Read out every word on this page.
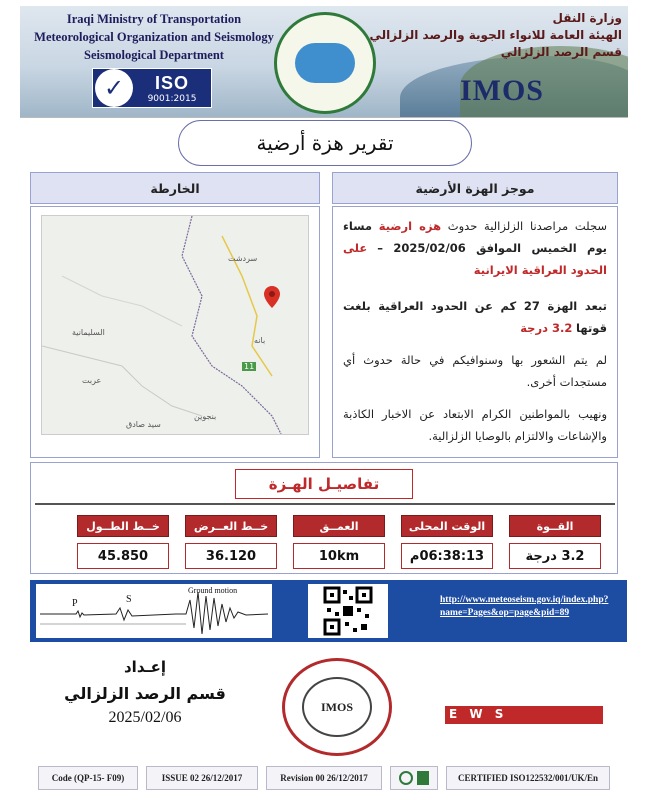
Iraqi Ministry of Transportation
Meteorological Organization and Seismology
Seismological Department
وزارة النقل
الهيئة العامة للانواء الجوية والرصد الزلزالي
قسم الرصد الزلزالي
✓	ISO
9001:2015	IMOS
تقرير هزة أرضية
موجز الهزة الأرضية
الخارطة

سجلت مراصدنا الزلزالية حدوث هزه ارضية مساء يوم الخميس الموافق 2025/02/06 – على الحدود العراقية الايرانية

تبعد الهزة 27 كم عن الحدود العراقية بلغت قوتها 3.2 درجة

لم يتم الشعور بها وسنوافيكم في حالة حدوث أي مستجدات أخرى.

ونهيب بالمواطنين الكرام الابتعاد عن الاخبار الكاذبة والإشاعات والالتزام بالوصايا الزلزالية.

سردشت
بانه
السليمانية
عربت
سيد صادق
بنجوين
11
تفاصيـل الهـزة
خــط الطــول
45.850
خــط العــرض
36.120
العمــق
10km
الوقت المحلى
06:38:13م
القــوة
3.2 درجة
P	S
Ground motion
http://www.meteoseism.gov.iq/index.php?name=Pages&op=page&pid=89
إعـداد
قسم الرصد الزلزالي
2025/02/06
IMOS
E W S
Code (QP-15- F09)	ISSUE 02 26/12/2017	Revision 00 26/12/2017	CERTIFIED ISO122532/001/UK/En
